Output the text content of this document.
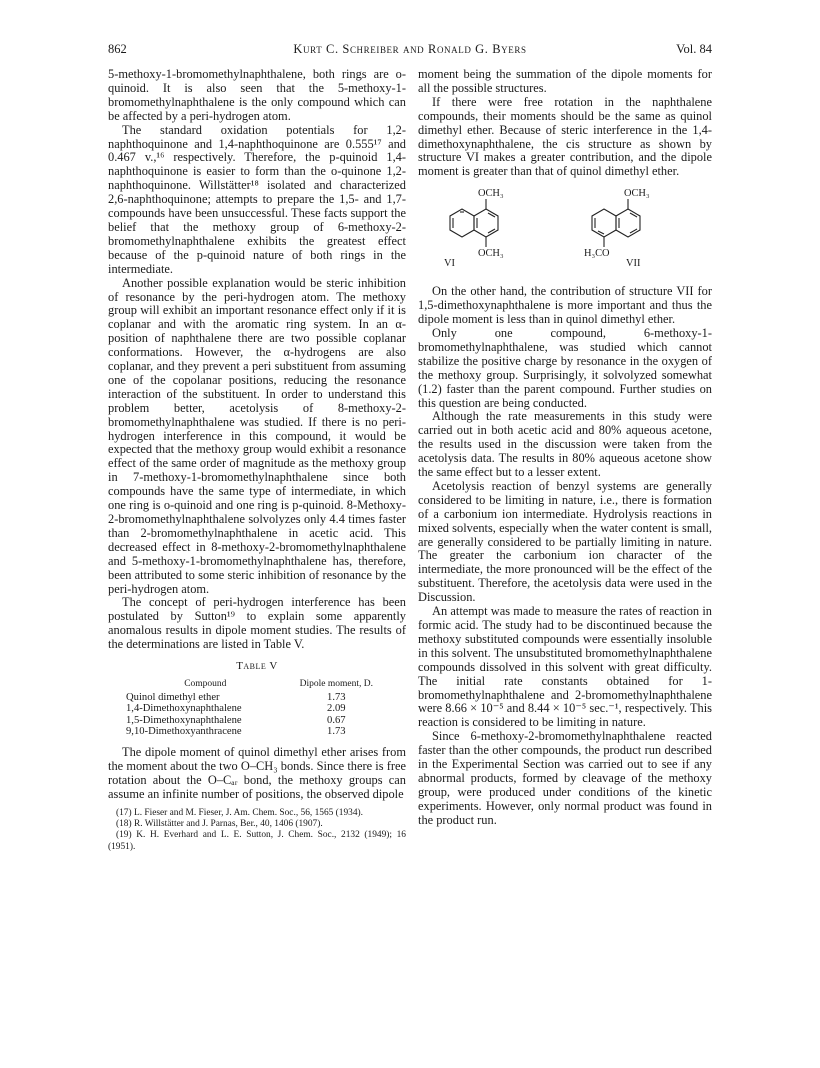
862	Kurt C. Schreiber and Ronald G. Byers	Vol. 84

5-methoxy-1-bromomethylnaphthalene, both rings are o-quinoid. It is also seen that the 5-methoxy-1-bromomethylnaphthalene is the only compound which can be affected by a peri-hydrogen atom.

The standard oxidation potentials for 1,2-naphthoquinone and 1,4-naphthoquinone are 0.555¹⁷ and 0.467 v.,¹⁶ respectively. Therefore, the p-quinoid 1,4-naphthoquinone is easier to form than the o-quinone 1,2-naphthoquinone. Willstätter¹⁸ isolated and characterized 2,6-naphthoquinone; attempts to prepare the 1,5- and 1,7-compounds have been unsuccessful. These facts support the belief that the methoxy group of 6-methoxy-2-bromomethylnaphthalene exhibits the greatest effect because of the p-quinoid nature of both rings in the intermediate.

Another possible explanation would be steric inhibition of resonance by the peri-hydrogen atom. The methoxy group will exhibit an important resonance effect only if it is coplanar and with the aromatic ring system. In an α-position of naphthalene there are two possible coplanar conformations. However, the α-hydrogens are also coplanar, and they prevent a peri substituent from assuming one of the copolanar positions, reducing the resonance interaction of the substituent. In order to understand this problem better, acetolysis of 8-methoxy-2-bromomethylnaphthalene was studied. If there is no peri-hydrogen interference in this compound, it would be expected that the methoxy group would exhibit a resonance effect of the same order of magnitude as the methoxy group in 7-methoxy-1-bromomethylnaphthalene since both compounds have the same type of intermediate, in which one ring is o-quinoid and one ring is p-quinoid. 8-Methoxy-2-bromomethylnaphthalene solvolyzes only 4.4 times faster than 2-bromomethylnaphthalene in acetic acid. This decreased effect in 8-methoxy-2-bromomethylnaphthalene and 5-methoxy-1-bromomethylnaphthalene has, therefore, been attributed to some steric inhibition of resonance by the peri-hydrogen atom.

The concept of peri-hydrogen interference has been postulated by Sutton¹⁹ to explain some apparently anomalous results in dipole moment studies. The results of the determinations are listed in Table V.

Table V
Compound	Dipole moment, D.
Quinol dimethyl ether	1.73
1,4-Dimethoxynaphthalene	2.09
1,5-Dimethoxynaphthalene	0.67
9,10-Dimethoxyanthracene	1.73

The dipole moment of quinol dimethyl ether arises from the moment about the two O–CH₃ bonds. Since there is free rotation about the O–Cₐᵣ bond, the methoxy groups can assume an infinite number of positions, the observed dipole

(17) L. Fieser and M. Fieser, J. Am. Chem. Soc., 56, 1565 (1934).
(18) R. Willstätter and J. Parnas, Ber., 40, 1406 (1907).
(19) K. H. Everhard and L. E. Sutton, J. Chem. Soc., 2132 (1949); 16 (1951).

moment being the summation of the dipole moments for all the possible structures.

If there were free rotation in the naphthalene compounds, their moments should be the same as quinol dimethyl ether. Because of steric interference in the 1,4-dimethoxynaphthalene, the cis structure as shown by structure VI makes a greater contribution, and the dipole moment is greater than that of quinol dimethyl ether.

OCH₃
OCH₃
VI
OCH₃
H₃CO
VII

On the other hand, the contribution of structure VII for 1,5-dimethoxynaphthalene is more important and thus the dipole moment is less than in quinol dimethyl ether.

Only one compound, 6-methoxy-1-bromomethylnaphthalene, was studied which cannot stabilize the positive charge by resonance in the oxygen of the methoxy group. Surprisingly, it solvolyzed somewhat (1.2) faster than the parent compound. Further studies on this question are being conducted.

Although the rate measurements in this study were carried out in both acetic acid and 80% aqueous acetone, the results used in the discussion were taken from the acetolysis data. The results in 80% aqueous acetone show the same effect but to a lesser extent.

Acetolysis reaction of benzyl systems are generally considered to be limiting in nature, i.e., there is formation of a carbonium ion intermediate. Hydrolysis reactions in mixed solvents, especially when the water content is small, are generally considered to be partially limiting in nature. The greater the carbonium ion character of the intermediate, the more pronounced will be the effect of the substituent. Therefore, the acetolysis data were used in the Discussion.

An attempt was made to measure the rates of reaction in formic acid. The study had to be discontinued because the methoxy substituted compounds were essentially insoluble in this solvent. The unsubstituted bromomethylnaphthalene compounds dissolved in this solvent with great difficulty. The initial rate constants obtained for 1-bromomethylnaphthalene and 2-bromomethylnaphthalene were 8.66 × 10⁻⁵ and 8.44 × 10⁻⁵ sec.⁻¹, respectively. This reaction is considered to be limiting in nature.

Since 6-methoxy-2-bromomethylnaphthalene reacted faster than the other compounds, the product run described in the Experimental Section was carried out to see if any abnormal products, formed by cleavage of the methoxy group, were produced under conditions of the kinetic experiments. However, only normal product was found in the product run.
